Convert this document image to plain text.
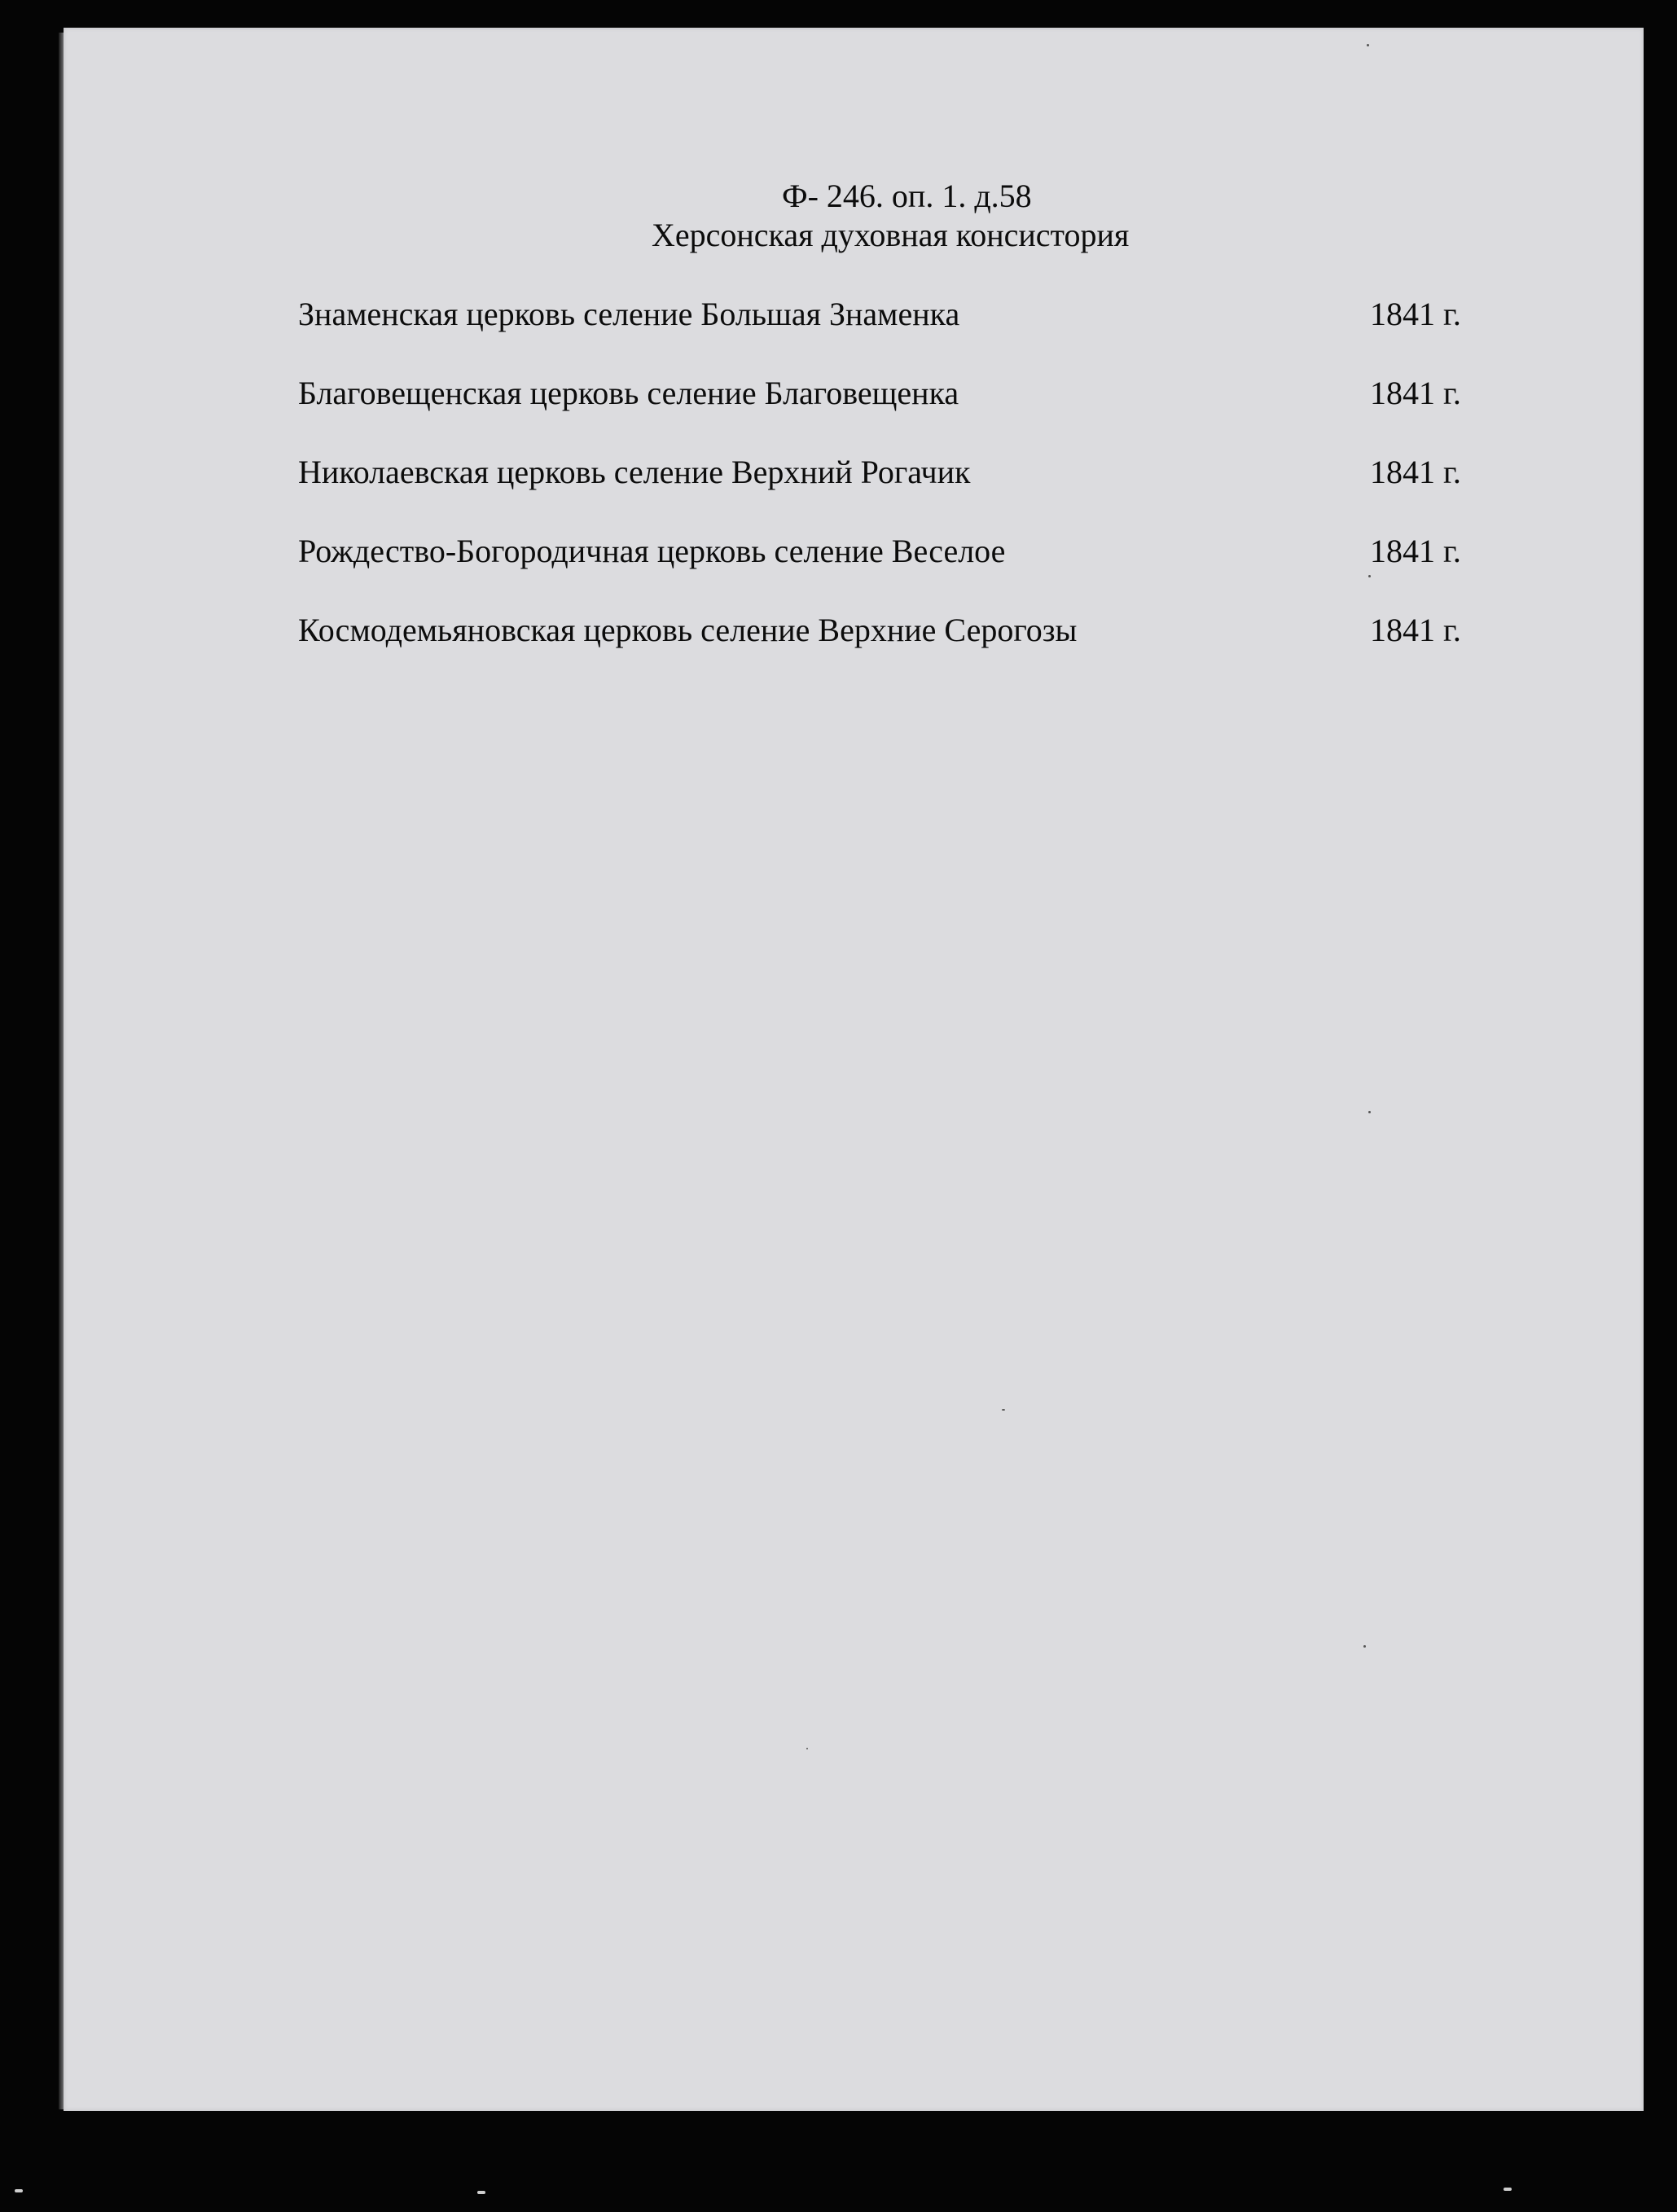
Ф- 246. оп. 1. д.58
Херсонская духовная консистория
Знаменская церковь селение Большая Знаменка	1841 г.
Благовещенская церковь селение Благовещенка	1841 г.
Николаевская церковь селение Верхний Рогачик	1841 г.
Рождество-Богородичная церковь селение Веселое	1841 г.
Космодемьяновская церковь селение Верхние Серогозы	1841 г.
